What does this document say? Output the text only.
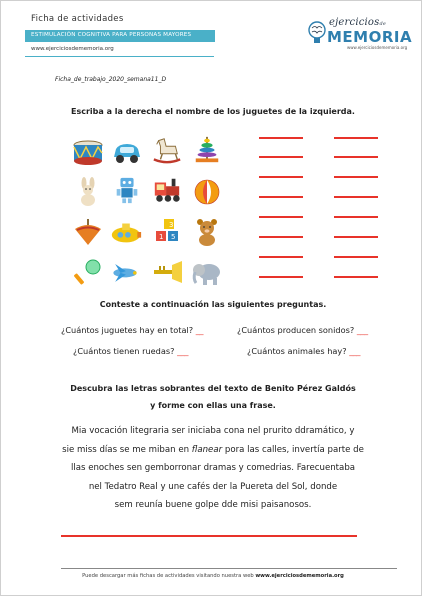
Ficha de actividades
ESTIMULACIÓN COGNITIVA PARA PERSONAS MAYORES
www.ejerciciosdememoria.org
ejerciciosde
MEMORIA
www.ejerciciosdememoria.org
Ficha_de_trabajo_2020_semana11_D
Escriba a la derecha el nombre de los juguetes de la izquierda.
3
1 5
Conteste a continuación las siguientes preguntas.
¿Cuántos juguetes hay en total? __	¿Cuántos producen sonidos? ___
¿Cuántos tienen ruedas? ___	¿Cuántos animales hay? ___
Descubra las letras sobrantes del texto de Benito Pérez Galdós
y forme con ellas una frase.
Mia vocación litegraria ser iniciaba cona nel prurito ddramático, y
sie miss días se me miban en flanear pora las calles, invertía parte de
llas enoches sen gemborronar dramas y comedrias. Farecuentaba
nel Tedatro Real y une cafés der la Puereta del Sol, donde
sem reunía buene golpe dde misi paisanosos.
Puede descargar más fichas de actividades visitando nuestra web www.ejerciciosdememoria.org
